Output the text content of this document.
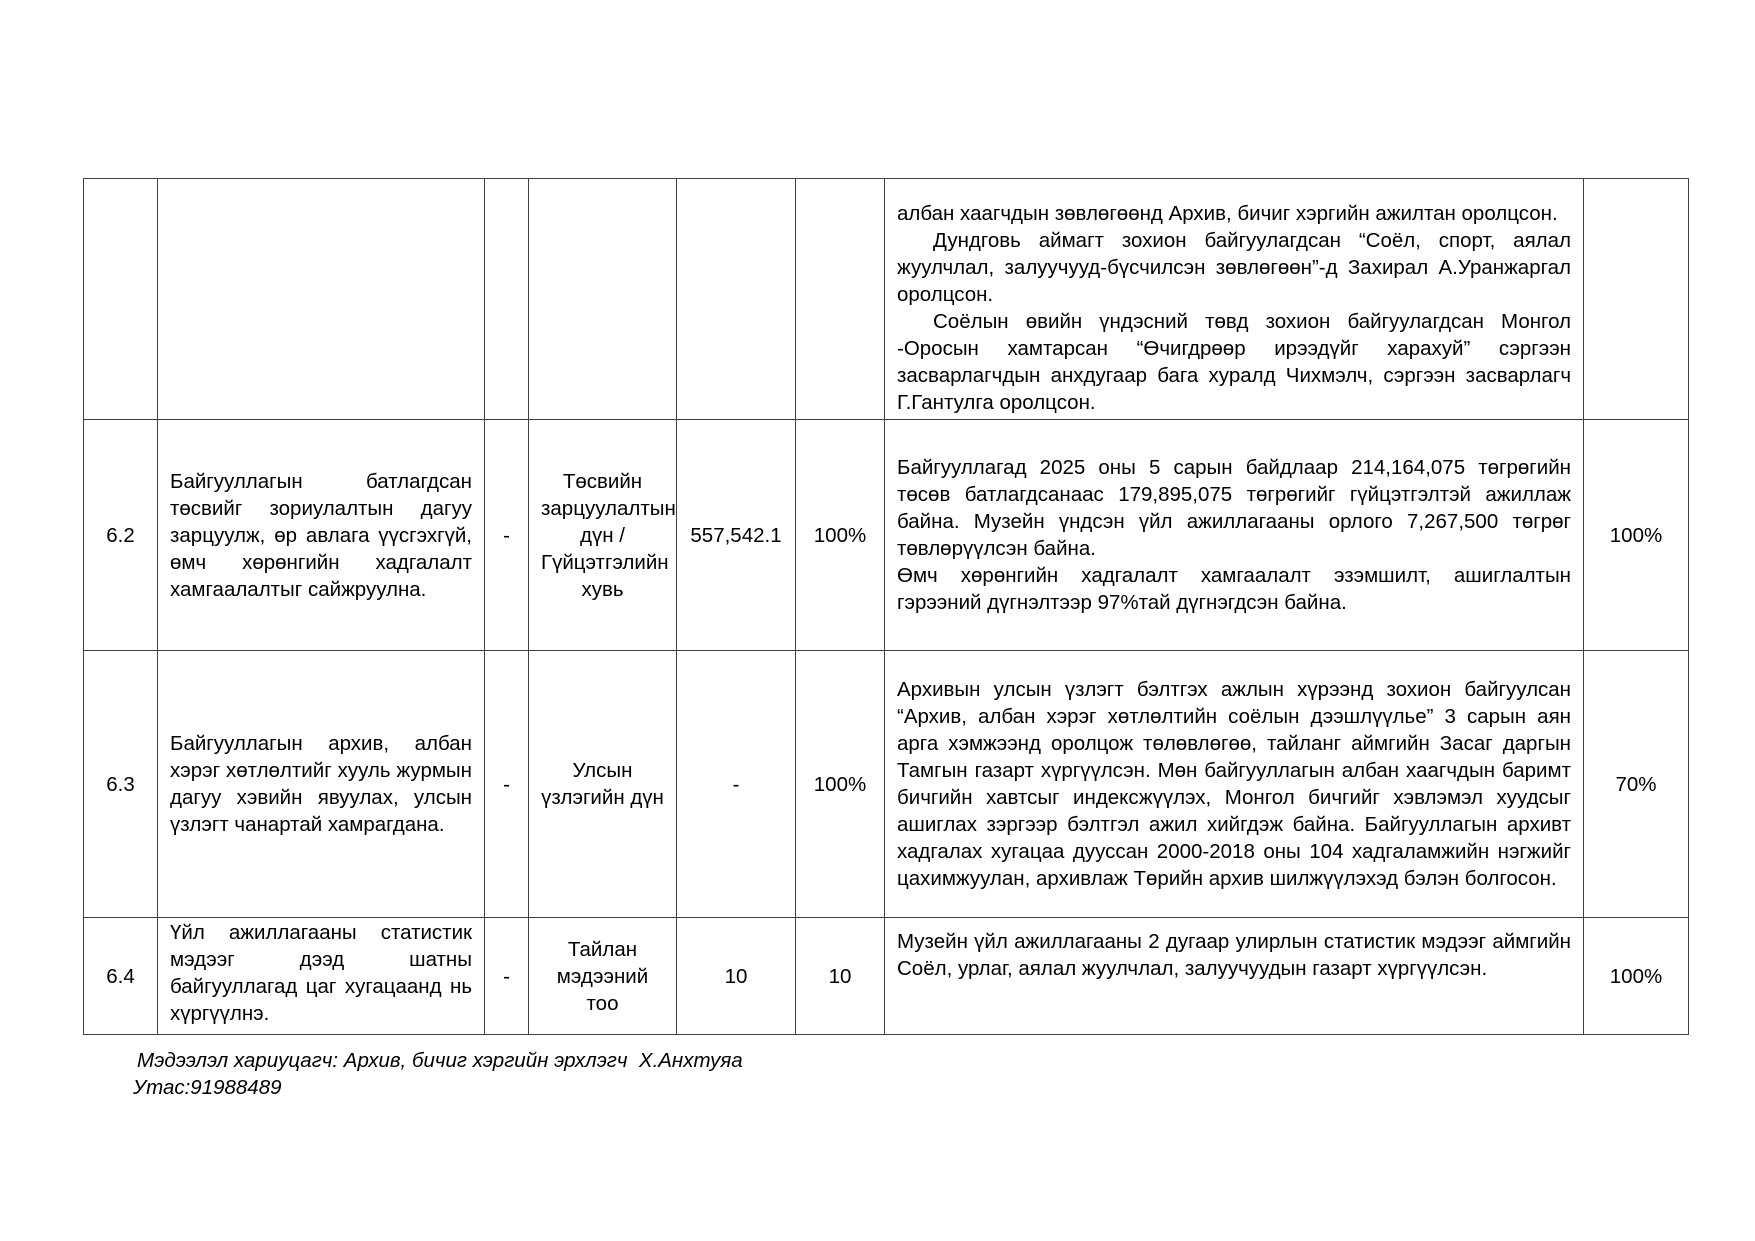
						албан хаагчдын зөвлөгөөнд Архив, бичиг хэргийн ажилтан оролцсон.

Дундговь аймагт зохион байгуулагдсан “Соёл, спорт, аялал жуулчлал, залуучууд-бүсчилсэн зөвлөгөөн”-д Захирал А.Уранжаргал оролцсон.

Соёлын өвийн үндэсний төвд зохион байгуулагдсан Монгол -Оросын хамтарсан “Өчигдрөөр ирээдүйг харахуй” сэргээн засварлагчдын анхдугаар бага хуралд Чихмэлч, сэргээн засварлагч Г.Гантулга оролцсон.	

6.2	Байгууллагын батлагдсан төсвийг зориулалтын дагуу зарцуулж, өр авлага үүсгэхгүй, өмч хөрөнгийн хадгалалт хамгаалалтыг сайжруулна.	-	Төсвийн зарцуулалтын дүн /Гүйцэтгэлийн хувь	557,542.1	100%	Байгууллагад 2025 оны 5 сарын байдлаар 214,164,075 төгрөгийн төсөв батлагдсанаас 179,895,075 төгрөгийг гүйцэтгэлтэй ажиллаж байна. Музейн үндсэн үйл ажиллагааны орлого 7,267,500 төгрөг төвлөрүүлсэн байна.

Өмч хөрөнгийн хадгалалт хамгаалалт эзэмшилт, ашиглалтын гэрээний дүгнэлтээр 97%тай дүгнэгдсэн байна.	100%
6.3	Байгууллагын архив, албан хэрэг хөтлөлтийг хууль журмын дагуу хэвийн явуулах, улсын үзлэгт чанартай хамрагдана.	-	Улсын үзлэгийн дүн	-	100%	Архивын улсын үзлэгт бэлтгэх ажлын хүрээнд зохион байгуулсан “Архив, албан хэрэг хөтлөлтийн соёлын дээшлүүлье” 3 сарын аян арга хэмжээнд оролцож төлөвлөгөө, тайланг аймгийн Засаг даргын Тамгын газарт хүргүүлсэн. Мөн байгууллагын албан хаагчдын баримт бичгийн хавтсыг индексжүүлэх, Монгол бичгийг хэвлэмэл хуудсыг ашиглах зэргээр бэлтгэл ажил хийгдэж байна. Байгууллагын архивт хадгалах хугацаа дууссан 2000-2018 оны 104 хадгаламжийн нэгжийг цахимжуулан, архивлаж Төрийн архив шилжүүлэхэд бэлэн болгосон.	70%
6.4	Үйл ажиллагааны статистик мэдээг дээд шатны байгууллагад цаг хугацаанд нь хүргүүлнэ.	-	Тайлан мэдээний тоо	10	10	Музейн үйл ажиллагааны 2 дугаар улирлын статистик мэдээг аймгийн Соёл, урлаг, аялал жуулчлал, залуучуудын газарт хүргүүлсэн.	100%
Мэдээлэл хариуцагч: Архив, бичиг хэргийн эрхлэгч  Х.Анхтуяа
Утас:91988489
